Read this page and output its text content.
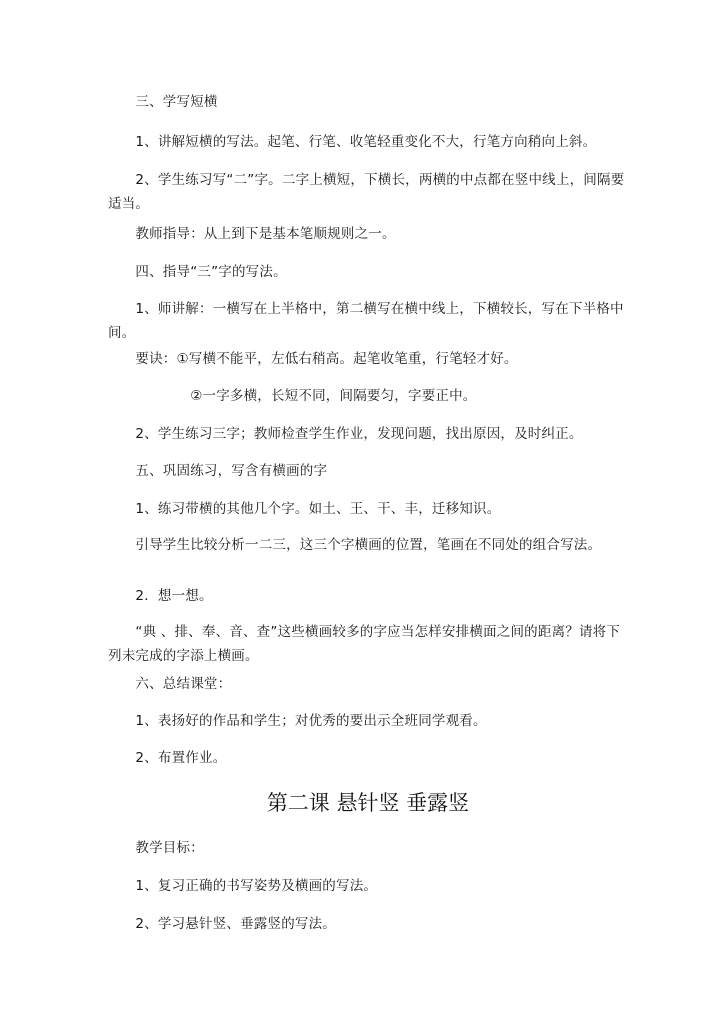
　　三、学写短横
　　1、讲解短横的写法。起笔、行笔、收笔轻重变化不大，行笔方向稍向上斜。
　　2、学生练习写“二”字。二字上横短，下横长，两横的中点都在竖中线上，间隔要适当。
　　教师指导：从上到下是基本笔顺规则之一。
　　四、指导“三”字的写法。
　　1、师讲解：一横写在上半格中，第二横写在横中线上，下横较长，写在下半格中间。
　　要诀：①写横不能平，左低右稍高。起笔收笔重，行笔轻才好。
　　　　　　②一字多横，长短不同，间隔要匀，字要正中。
　　2、学生练习三字；教师检查学生作业，发现问题，找出原因，及时纠正。
　　五、巩固练习，写含有横画的字
　　1、练习带横的其他几个字。如土、王、干、丰，迁移知识。
　　引导学生比较分析一二三，这三个字横画的位置，笔画在不同处的组合写法。
　　2．想一想。
　　“典 、排、奉、音、查”这些横画较多的字应当怎样安排横面之间的距离？请将下列未完成的字添上横画。
　　六、总结课堂：
　　1、表扬好的作品和学生；对优秀的要出示全班同学观看。
　　2、布置作业。
第二课 悬针竖 垂露竖
　　教学目标：
　　1、复习正确的书写姿势及横画的写法。
　　2、学习悬针竖、垂露竖的写法。
